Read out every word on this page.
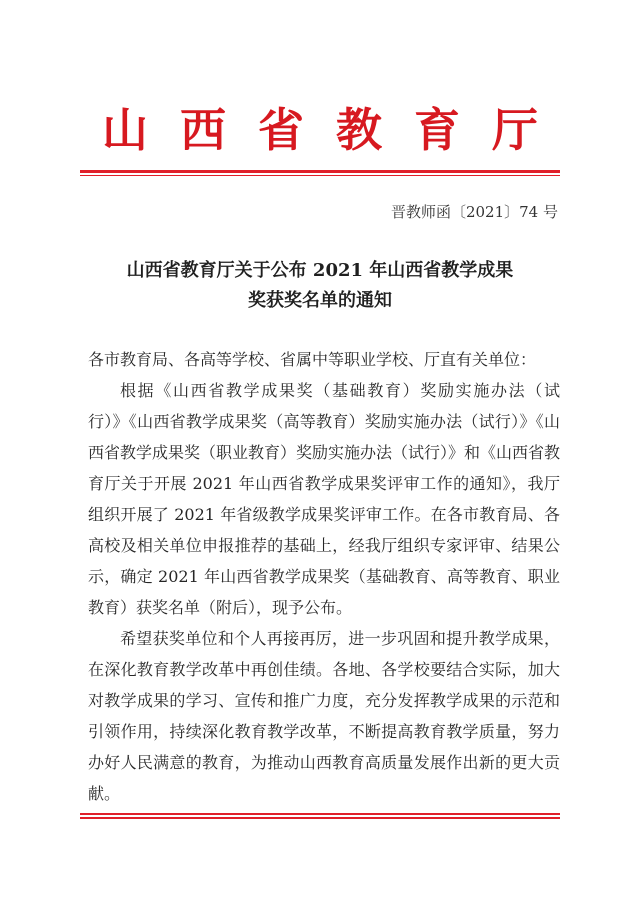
山西省教育厅
晋教师函〔2021〕74 号
山西省教育厅关于公布 2021 年山西省教学成果
奖获奖名单的通知

各市教育局、各高等学校、省属中等职业学校、厅直有关单位：

根据《山西省教学成果奖（基础教育）奖励实施办法（试行）》《山西省教学成果奖（高等教育）奖励实施办法（试行）》《山西省教学成果奖（职业教育）奖励实施办法（试行）》和《山西省教育厅关于开展 2021 年山西省教学成果奖评审工作的通知》，我厅组织开展了 2021 年省级教学成果奖评审工作。在各市教育局、各高校及相关单位申报推荐的基础上，经我厅组织专家评审、结果公示，确定 2021 年山西省教学成果奖（基础教育、高等教育、职业教育）获奖名单（附后），现予公布。

希望获奖单位和个人再接再厉，进一步巩固和提升教学成果，在深化教育教学改革中再创佳绩。各地、各学校要结合实际，加大对教学成果的学习、宣传和推广力度，充分发挥教学成果的示范和引领作用，持续深化教育教学改革，不断提高教育教学质量，努力办好人民满意的教育，为推动山西教育高质量发展作出新的更大贡献。
